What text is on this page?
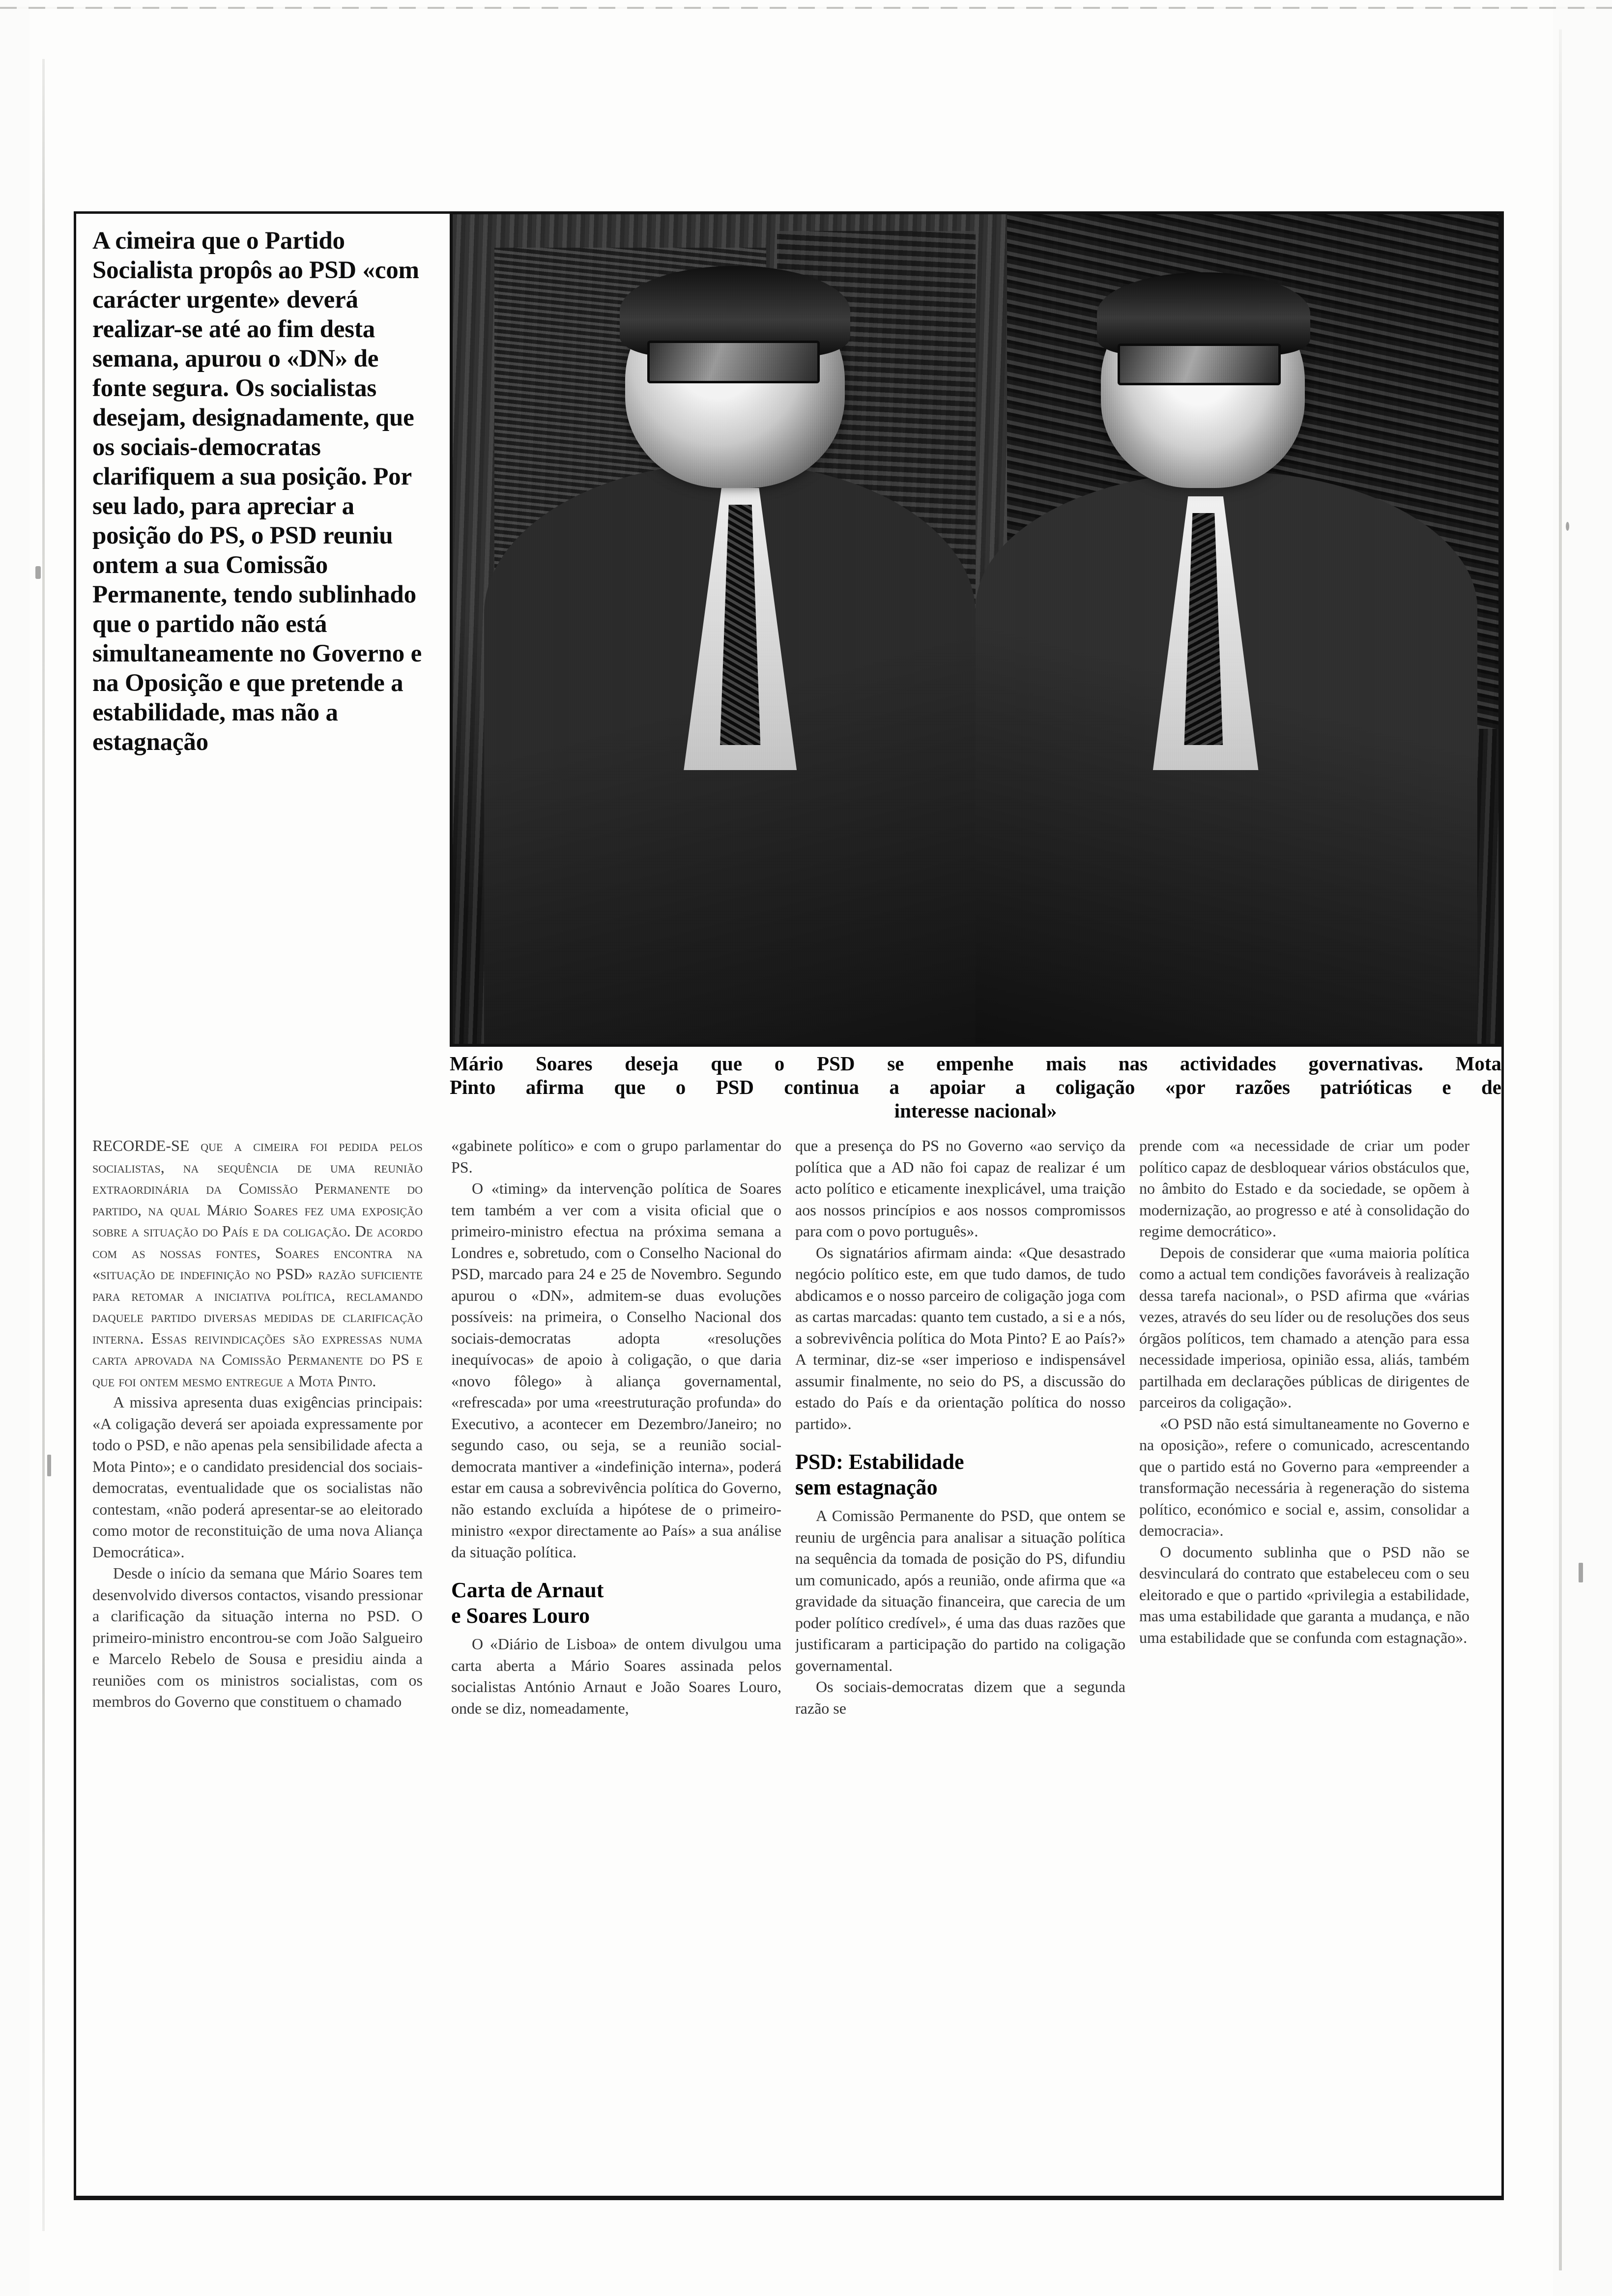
A cimeira que o Partido Socialista propôs ao PSD «com carácter urgente» deverá realizar-se até ao fim desta semana, apurou o «DN» de fonte segura. Os socialistas desejam, designadamente, que os sociais-democratas clarifiquem a sua posição. Por seu lado, para apreciar a posição do PS, o PSD reuniu ontem a sua Comissão Permanente, tendo sublinhado que o partido não está simultaneamente no Governo e na Oposição e que pretende a estabilidade, mas não a estagnação

Mário Soares deseja que o PSD se empenhe mais nas actividades governativas. Mota
Pinto afirma que o PSD continua a apoiar a coligação «por razões patrióticas e de
interesse nacional»

RECORDE-SE que a cimeira foi pedida pelos socialistas, na sequência de uma reunião extraordinária da Comissão Permanente do partido, na qual Mário Soares fez uma exposição sobre a situação do País e da coligação. De acordo com as nossas fontes, Soares encontra na «situação de indefinição no PSD» razão suficiente para retomar a iniciativa política, reclamando daquele partido diversas medidas de clarificação interna. Essas reivindicações são expressas numa carta aprovada na Comissão Permanente do PS e que foi ontem mesmo entregue a Mota Pinto.

A missiva apresenta duas exigências principais: «A coligação deverá ser apoiada expressamente por todo o PSD, e não apenas pela sensibilidade afecta a Mota Pinto»; e o candidato presidencial dos sociais-democratas, eventualidade que os socialistas não contestam, «não poderá apresentar-se ao eleitorado como motor de reconstituição de uma nova Aliança Democrática».

Desde o início da semana que Mário Soares tem desenvolvido diversos contactos, visando pressionar a clarificação da situação interna no PSD. O primeiro-ministro encontrou-se com João Salgueiro e Marcelo Rebelo de Sousa e presidiu ainda a reuniões com os ministros socialistas, com os membros do Governo que constituem o chamado

«gabinete político» e com o grupo parlamentar do PS.

O «timing» da intervenção política de Soares tem também a ver com a visita oficial que o primeiro-ministro efectua na próxima semana a Londres e, sobretudo, com o Conselho Nacional do PSD, marcado para 24 e 25 de Novembro. Segundo apurou o «DN», admitem-se duas evoluções possíveis: na primeira, o Conselho Nacional dos sociais-democratas adopta «resoluções inequívocas» de apoio à coligação, o que daria «novo fôlego» à aliança governamental, «refrescada» por uma «reestruturação profunda» do Executivo, a acontecer em Dezembro/Janeiro; no segundo caso, ou seja, se a reunião social-democrata mantiver a «indefinição interna», poderá estar em causa a sobrevivência política do Governo, não estando excluída a hipótese de o primeiro-ministro «expor directamente ao País» a sua análise da situação política.

Carta de Arnaut
e Soares Louro

O «Diário de Lisboa» de ontem divulgou uma carta aberta a Mário Soares assinada pelos socialistas António Arnaut e João Soares Louro, onde se diz, nomeadamente,

que a presença do PS no Governo «ao serviço da política que a AD não foi capaz de realizar é um acto político e eticamente inexplicável, uma traição aos nossos princípios e aos nossos compromissos para com o povo português».

Os signatários afirmam ainda: «Que desastrado negócio político este, em que tudo damos, de tudo abdicamos e o nosso parceiro de coligação joga com as cartas marcadas: quanto tem custado, a si e a nós, a sobrevivência política do Mota Pinto? E ao País?» A terminar, diz-se «ser imperioso e indispensável assumir finalmente, no seio do PS, a discussão do estado do País e da orientação política do nosso partido».

PSD: Estabilidade
sem estagnação

A Comissão Permanente do PSD, que ontem se reuniu de urgência para analisar a situação política na sequência da tomada de posição do PS, difundiu um comunicado, após a reunião, onde afirma que «a gravidade da situação financeira, que carecia de um poder político credível», é uma das duas razões que justificaram a participação do partido na coligação governamental.

Os sociais-democratas dizem que a segunda razão se

prende com «a necessidade de criar um poder político capaz de desbloquear vários obstáculos que, no âmbito do Estado e da sociedade, se opõem à modernização, ao progresso e até à consolidação do regime democrático».

Depois de considerar que «uma maioria política como a actual tem condições favoráveis à realização dessa tarefa nacional», o PSD afirma que «várias vezes, através do seu líder ou de resoluções dos seus órgãos políticos, tem chamado a atenção para essa necessidade imperiosa, opinião essa, aliás, também partilhada em declarações públicas de dirigentes de parceiros da coligação».

«O PSD não está simultaneamente no Governo e na oposição», refere o comunicado, acrescentando que o partido está no Governo para «empreender a transformação necessária à regeneração do sistema político, económico e social e, assim, consolidar a democracia».

O documento sublinha que o PSD não se desvinculará do contrato que estabeleceu com o seu eleitorado e que o partido «privilegia a estabilidade, mas uma estabilidade que garanta a mudança, e não uma estabilidade que se confunda com estagnação».
